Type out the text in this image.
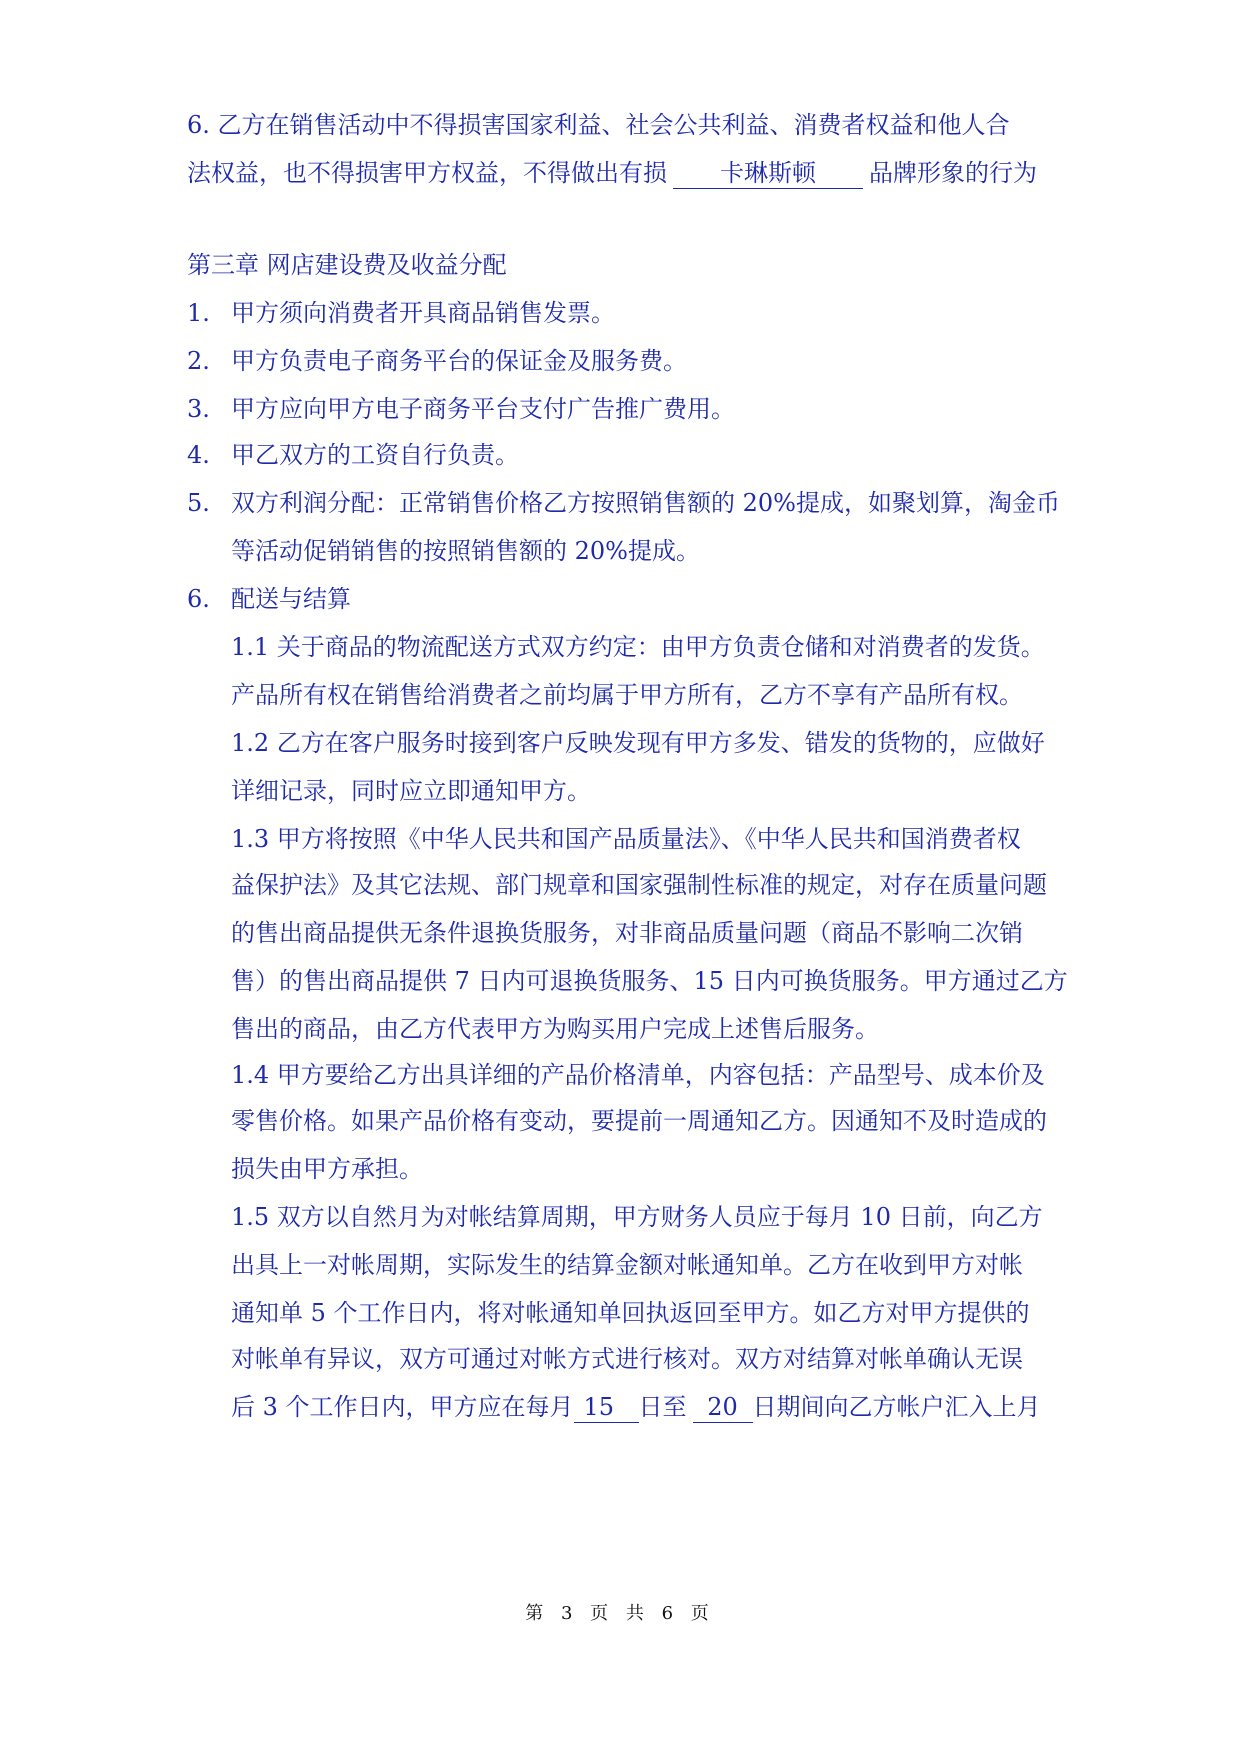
6. 乙方在销售活动中不得损害国家利益、社会公共利益、消费者权益和他人合
法权益，也不得损害甲方权益，不得做出有损 卡琳斯顿 品牌形象的行为
第三章 网店建设费及收益分配
1. 甲方须向消费者开具商品销售发票。
2. 甲方负责电子商务平台的保证金及服务费。
3. 甲方应向甲方电子商务平台支付广告推广费用。
4. 甲乙双方的工资自行负责。
5. 双方利润分配：正常销售价格乙方按照销售额的 20%提成，如聚划算，淘金币
等活动促销销售的按照销售额的 20%提成。
6. 配送与结算
1.1 关于商品的物流配送方式双方约定：由甲方负责仓储和对消费者的发货。
产品所有权在销售给消费者之前均属于甲方所有，乙方不享有产品所有权。
1.2 乙方在客户服务时接到客户反映发现有甲方多发、错发的货物的，应做好
详细记录，同时应立即通知甲方。
1.3 甲方将按照《中华人民共和国产品质量法》、《中华人民共和国消费者权
益保护法》及其它法规、部门规章和国家强制性标准的规定，对存在质量问题
的售出商品提供无条件退换货服务，对非商品质量问题（商品不影响二次销
售）的售出商品提供 7 日内可退换货服务、15 日内可换货服务。甲方通过乙方
售出的商品，由乙方代表甲方为购买用户完成上述售后服务。
1.4 甲方要给乙方出具详细的产品价格清单，内容包括：产品型号、成本价及
零售价格。如果产品价格有变动，要提前一周通知乙方。因通知不及时造成的
损失由甲方承担。
1.5 双方以自然月为对帐结算周期，甲方财务人员应于每月 10 日前，向乙方
出具上一对帐周期，实际发生的结算金额对帐通知单。乙方在收到甲方对帐
通知单 5 个工作日内，将对帐通知单回执返回至甲方。如乙方对甲方提供的
对帐单有异议，双方可通过对帐方式进行核对。双方对结算对帐单确认无误
后 3 个工作日内，甲方应在每月 15 日至 20 日期间向乙方帐户汇入上月
第 3 页 共 6 页
